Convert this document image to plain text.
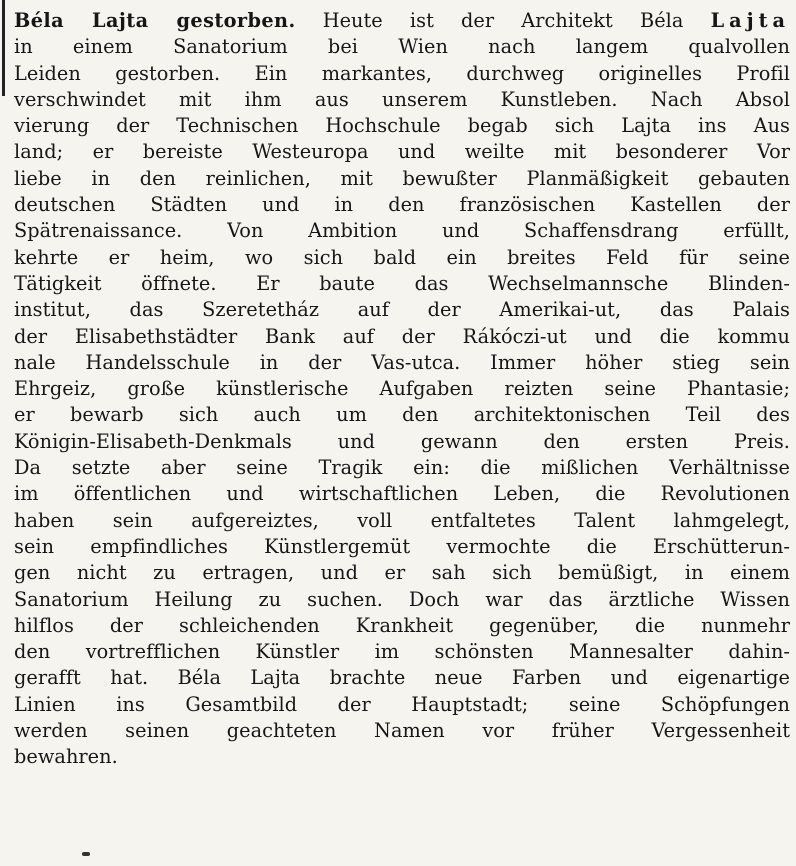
Béla Lajta gestorben. Heute ist der Architekt Béla Lajta
in einem Sanatorium bei Wien nach langem qualvollen
Leiden gestorben. Ein markantes, durchweg originelles Profil
verschwindet mit ihm aus unserem Kunstleben. Nach Absol
vierung der Technischen Hochschule begab sich Lajta ins Aus
land; er bereiste Westeuropa und weilte mit besonderer Vor
liebe in den reinlichen, mit bewußter Planmäßigkeit gebauten
deutschen Städten und in den französischen Kastellen der
Spätrenaissance. Von Ambition und Schaffensdrang erfüllt,
kehrte er heim, wo sich bald ein breites Feld für seine
Tätigkeit öffnete. Er baute das Wechselmannsche Blinden-
institut, das Szeretetház auf der Amerikai-ut, das Palais
der Elisabethstädter Bank auf der Rákóczi-ut und die kommu
nale Handelsschule in der Vas-utca. Immer höher stieg sein
Ehrgeiz, große künstlerische Aufgaben reizten seine Phantasie;
er bewarb sich auch um den architektonischen Teil des
Königin-Elisabeth-Denkmals und gewann den ersten Preis.
Da setzte aber seine Tragik ein: die mißlichen Verhältnisse
im öffentlichen und wirtschaftlichen Leben, die Revolutionen
haben sein aufgereiztes, voll entfaltetes Talent lahmgelegt,
sein empfindliches Künstlergemüt vermochte die Erschütterun-
gen nicht zu ertragen, und er sah sich bemüßigt, in einem
Sanatorium Heilung zu suchen. Doch war das ärztliche Wissen
hilflos der schleichenden Krankheit gegenüber, die nunmehr
den vortrefflichen Künstler im schönsten Mannesalter dahin-
gerafft hat. Béla Lajta brachte neue Farben und eigenartige
Linien ins Gesamtbild der Hauptstadt; seine Schöpfungen
werden seinen geachteten Namen vor früher Vergessenheit
bewahren.
